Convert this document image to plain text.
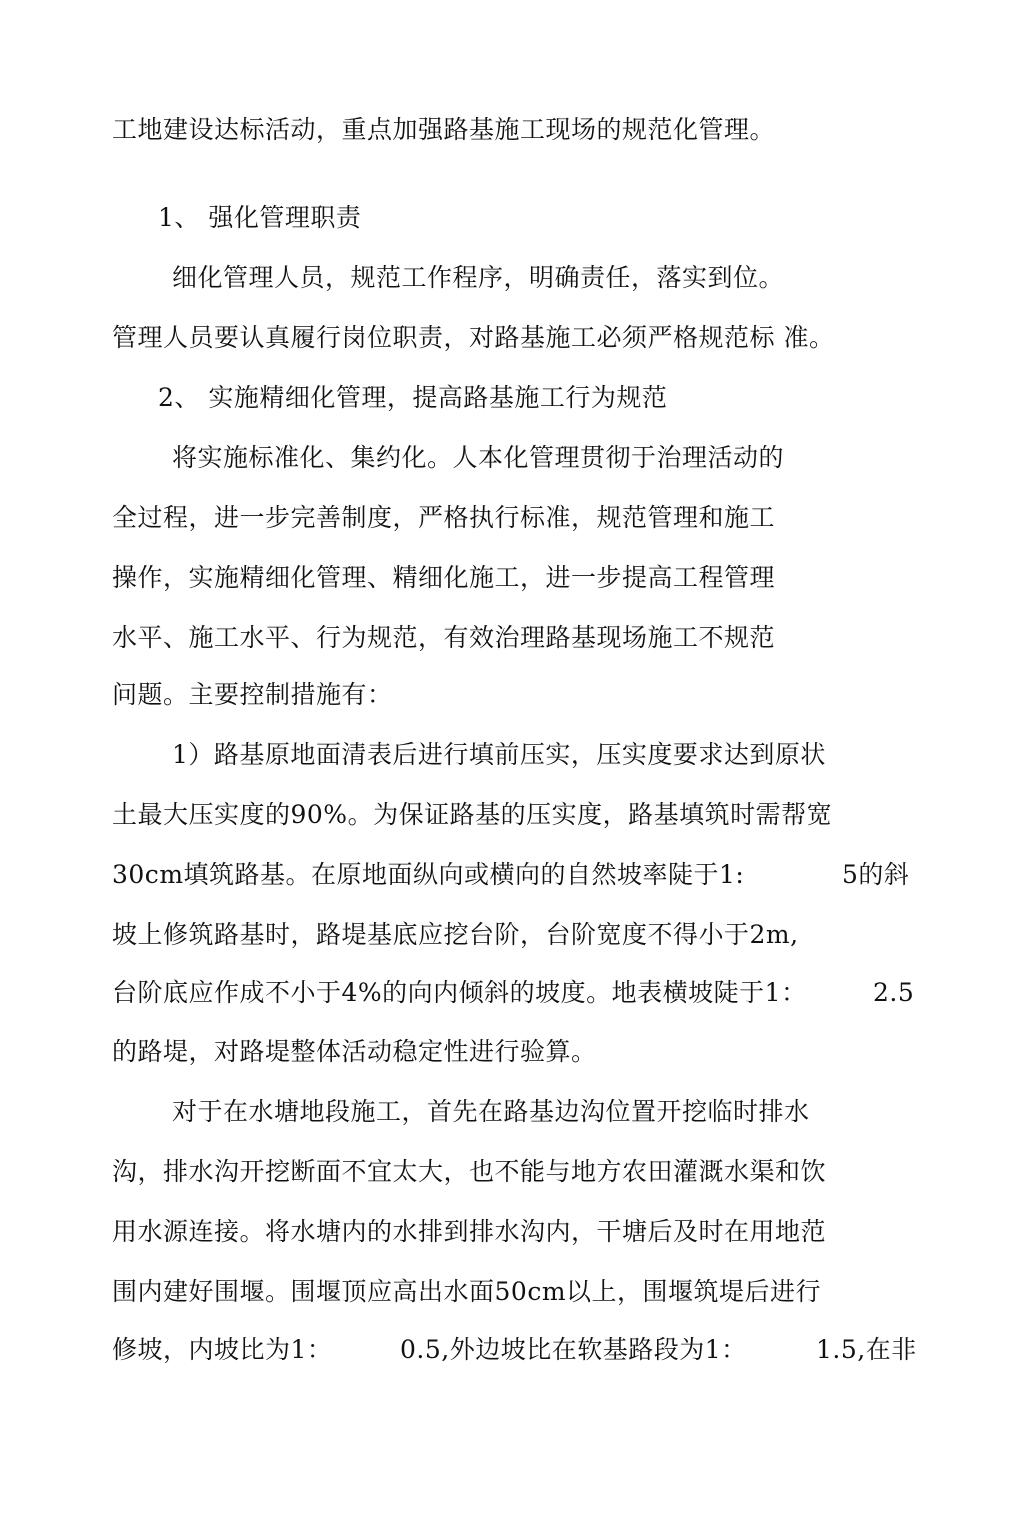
工地建设达标活动，重点加强路基施工现场的规范化管理。
1、 强化管理职责
细化管理人员，规范工作程序，明确责任，落实到位。
管理人员要认真履行岗位职责，对路基施工必须严格规范标 准。
2、 实施精细化管理，提高路基施工行为规范
将实施标准化、集约化。人本化管理贯彻于治理活动的
全过程，进一步完善制度，严格执行标准，规范管理和施工
操作，实施精细化管理、精细化施工，进一步提高工程管理
水平、施工水平、行为规范，有效治理路基现场施工不规范
问题。主要控制措施有：
1）路基原地面清表后进行填前压实，压实度要求达到原状
土最大压实度的90%。为保证路基的压实度，路基填筑时需帮宽
30cm填筑路基。在原地面纵向或横向的自然坡率陡于1:	5的斜
坡上修筑路基时，路堤基底应挖台阶，台阶宽度不得小于2m,
台阶底应作成不小于4%的向内倾斜的坡度。地表横坡陡于1：	2.5
的路堤，对路堤整体活动稳定性进行验算。
对于在水塘地段施工，首先在路基边沟位置开挖临时排水
沟，排水沟开挖断面不宜太大，也不能与地方农田灌溉水渠和饮
用水源连接。将水塘内的水排到排水沟内，干塘后及时在用地范
围内建好围堰。围堰顶应高出水面50cm以上，围堰筑堤后进行
修坡，内坡比为1：	0.5,外边坡比在软基路段为1：	1.5,在非
